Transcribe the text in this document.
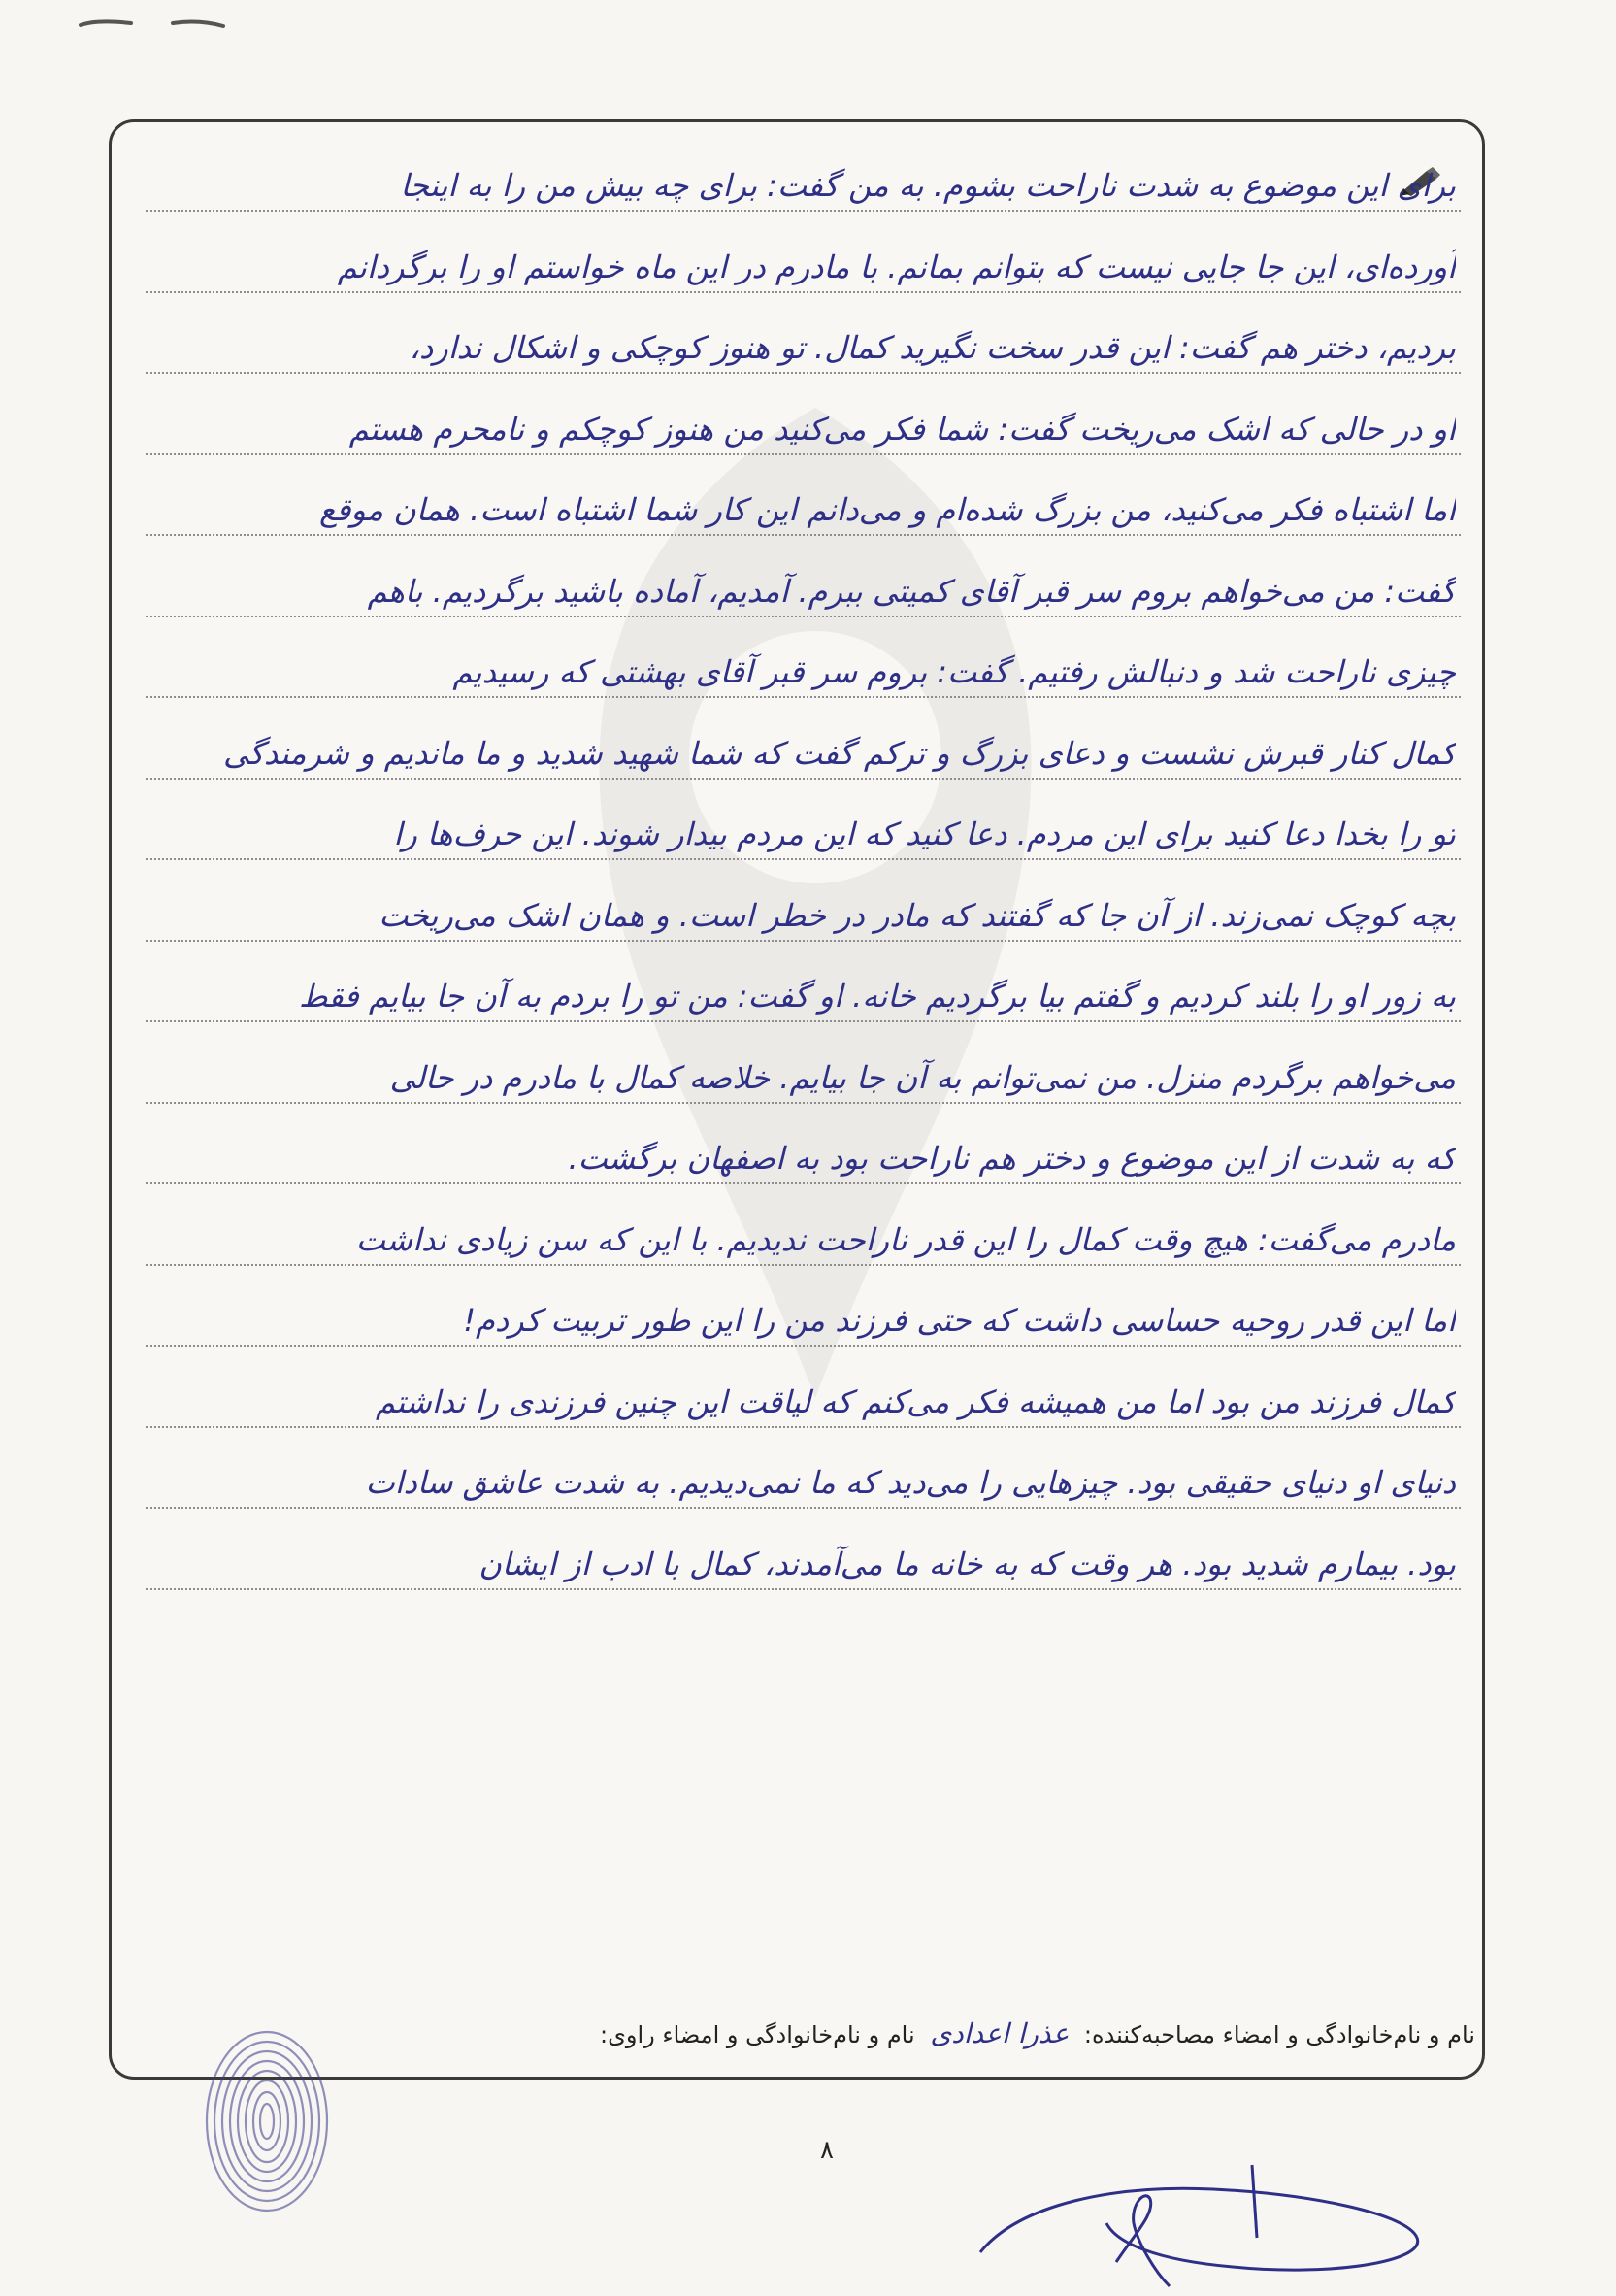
برای این موضوع به شدت ناراحت بشوم. به من گفت: برای چه بیش من را به اینجا

آورده‌ای، این جا جایی نیست که بتوانم بمانم. با مادرم در این ماه خواستم او را برگردانم

بردیم، دختر هم گفت: این قدر سخت نگیرید کمال. تو هنوز کوچکی و اشکال ندارد،

او در حالی که اشک می‌ریخت گفت: شما فکر می‌کنید من هنوز کوچکم و نامحرم هستم

اما اشتباه فکر می‌کنید، من بزرگ شده‌ام و می‌دانم این کار شما اشتباه است. همان موقع

گفت: من می‌خواهم بروم سر قبر آقای کمیتی ببرم. آمدیم، آماده باشید برگردیم. باهم

چیزی ناراحت شد و دنبالش رفتیم. گفت: بروم سر قبر آقای بهشتی که رسیدیم

کمال کنار قبرش نشست و دعای بزرگ و ترکم گفت که شما شهید شدید و ما ماندیم و شرمندگی

تو را بخدا دعا کنید برای این مردم. دعا کنید که این مردم بیدار شوند. این حرف‌ها را

بچه کوچک نمی‌زند. از آن جا که گفتند که مادر در خطر است. و همان اشک می‌ریخت

به زور او را بلند کردیم و گفتم بیا برگردیم خانه. او گفت: من تو را بردم به آن جا بیایم فقط

می‌خواهم برگردم منزل. من نمی‌توانم به آن جا بیایم. خلاصه کمال با مادرم در حالی

که به شدت از این موضوع و دختر هم ناراحت بود به اصفهان برگشت.

مادرم می‌گفت: هیچ وقت کمال را این قدر ناراحت ندیدیم. با این که سن زیادی نداشت

اما این قدر روحیه حساسی داشت که حتی فرزند من را این طور تربیت کردم!

کمال فرزند من بود اما من همیشه فکر می‌کنم که لیاقت این چنین فرزندی را نداشتم

دنیای او دنیای حقیقی بود. چیزهایی را می‌دید که ما نمی‌دیدیم. به شدت عاشق سادات

بود. بیمارم شدید بود. هر وقت که به خانه ما می‌آمدند، کمال با ادب از ایشان

نام و نام‌خانوادگی و امضاء مصاحبه‌کننده: عذرا اعدادی نام و نام‌خانوادگی و امضاء راوی:
۸
